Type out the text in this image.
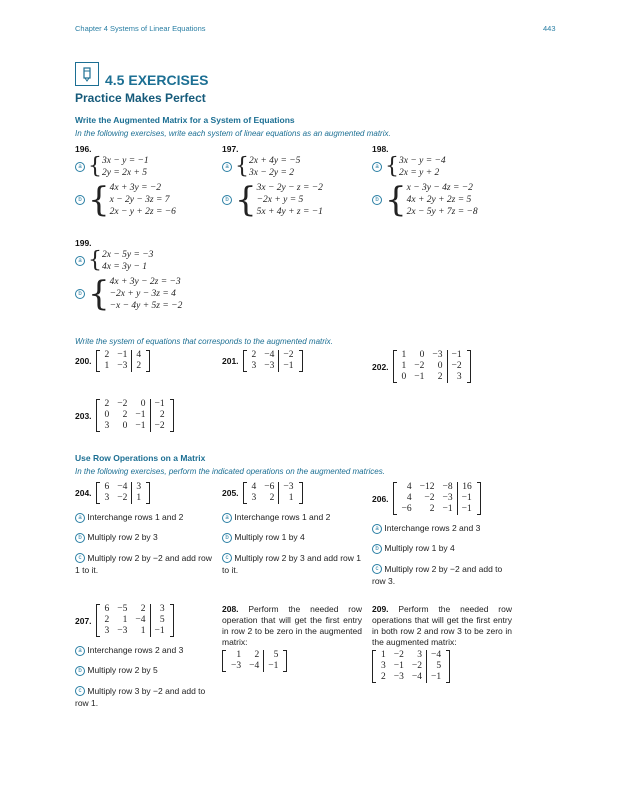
Chapter 4 Systems of Linear Equations	443
4.5 EXERCISES
Practice Makes Perfect
Write the Augmented Matrix for a System of Equations
In the following exercises, write each system of linear equations as an augmented matrix.
196.
a { 3x − y = −1
2y = 2x + 5
b { 4x + 3y = −2
x − 2y − 3z = 7
2x − y + 2z = −6
197.
a { 2x + 4y = −5
3x − 2y = 2
b { 3x − 2y − z = −2
−2x + y = 5
5x + 4y + z = −1
198.
a { 3x − y = −4
2x = y + 2
b { x − 3y − 4z = −2
4x + 2y + 2z = 5
2x − 5y + 7z = −8
199.
a { 2x − 5y = −3
4x = 3y − 1
b { 4x + 3y − 2z = −3
−2x + y − 3z = 4
−x − 4y + 5z = −2
Write the system of equations that corresponds to the augmented matrix.
200.
2	−1	4
1	−3	2	201.
2	−4	−2
3	−3	−1	202.
1	0	−3	−1
1	−2	0	−2
0	−1	2	3
203.
2	−2	0	−1
0	2	−1	2
3	0	−1	−2
Use Row Operations on a Matrix
In the following exercises, perform the indicated operations on the augmented matrices.
204.
6	−4	3
3	−2	1
a Interchange rows 1 and 2
b Multiply row 2 by 3
c Multiply row 2 by −2 and add row 1 to it.
205.
4	−6	−3
3	2	1
a Interchange rows 1 and 2
b Multiply row 1 by 4
c Multiply row 2 by 3 and add row 1 to it.
206.
4	−12	−8	16
4	−2	−3	−1
−6	2	−1	−1
a Interchange rows 2 and 3
b Multiply row 1 by 4
c Multiply row 2 by −2 and add to row 3.
207.
6	−5	2	3
2	1	−4	5
3	−3	1	−1
a Interchange rows 2 and 3
b Multiply row 2 by 5
c Multiply row 3 by −2 and add to row 1.
208. Perform the needed row operation that will get the first entry in row 2 to be zero in the augmented matrix:
1	2	5
−3	−4	−1
209. Perform the needed row operations that will get the first entry in both row 2 and row 3 to be zero in the augmented matrix:
1	−2	3	−4
3	−1	−2	5
2	−3	−4	−1
